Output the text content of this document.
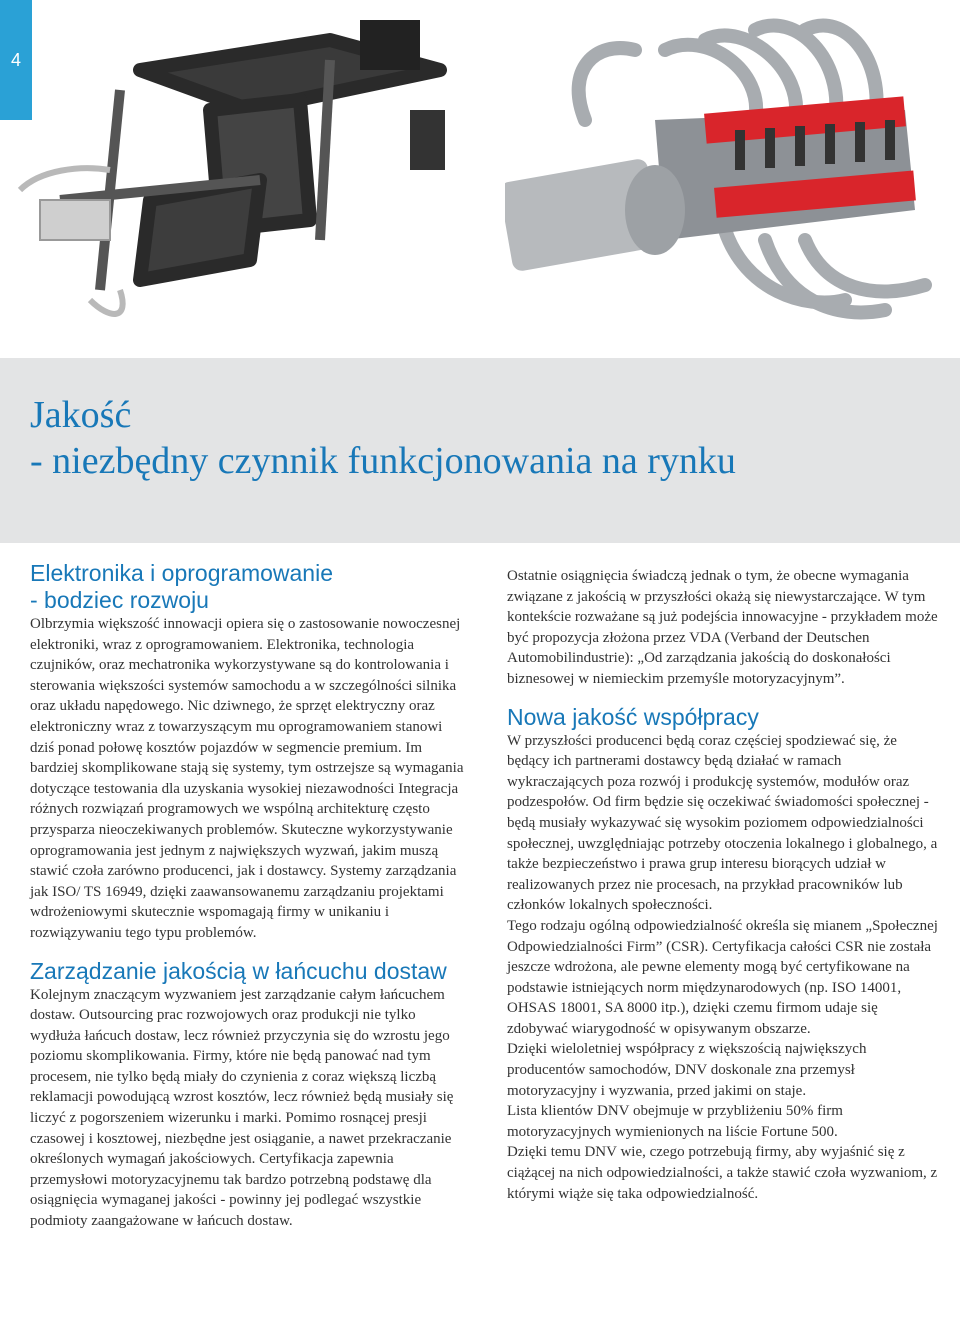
4
Jakość
- niezbędny czynnik funkcjonowania na rynku
Elektronika i oprogramowanie
- bodziec rozwoju

Olbrzymia większość innowacji opiera się o zastosowanie nowoczesnej elektroniki, wraz z oprogramowaniem. Elektronika, technologia czujników, oraz mechatronika wykorzystywane są do kontrolowania i sterowania większości systemów samochodu a w szczególności silnika oraz układu napędowego. Nic dziwnego, że sprzęt elektryczny oraz elektroniczny wraz z towarzyszącym mu oprogramowaniem stanowi dziś ponad połowę kosztów pojazdów w segmencie premium. Im bardziej skomplikowane stają się systemy, tym ostrzejsze są wymagania dotyczące testowania dla uzyskania wysokiej niezawodności Integracja różnych rozwiązań programowych we wspólną architekturę często przysparza nieoczekiwanych problemów. Skuteczne wykorzystywanie oprogramowania jest jednym z największych wyzwań, jakim muszą stawić czoła zarówno producenci, jak i dostawcy. Systemy zarządzania jak ISO/ TS 16949, dzięki zaawansowanemu zarządzaniu projektami wdrożeniowymi skutecznie wspomagają firmy w unikaniu i rozwiązywaniu tego typu problemów.

Zarządzanie jakością w łańcuchu dostaw

Kolejnym znaczącym wyzwaniem jest zarządzanie całym łańcuchem dostaw. Outsourcing prac rozwojowych oraz produkcji nie tylko wydłuża łańcuch dostaw, lecz również przyczynia się do wzrostu jego poziomu skomplikowania. Firmy, które nie będą panować nad tym procesem, nie tylko będą miały do czynienia z coraz większą liczbą reklamacji powodującą wzrost kosztów, lecz również będą musiały się liczyć z pogorszeniem wizerunku i marki. Pomimo rosnącej presji czasowej i kosztowej, niezbędne jest osiąganie, a nawet przekraczanie określonych wymagań jakościowych. Certyfikacja zapewnia przemysłowi motoryzacyjnemu tak bardzo potrzebną podstawę dla osiągnięcia wymaganej jakości - powinny jej podlegać wszystkie podmioty zaangażowane w łańcuch dostaw.

Ostatnie osiągnięcia świadczą jednak o tym, że obecne wymagania związane z jakością w przyszłości okażą się niewystarczające. W tym kontekście rozważane są już podejścia innowacyjne - przykładem może być propozycja złożona przez VDA (Verband der Deutschen Automobilindustrie): „Od zarządzania jakością do doskonałości biznesowej w niemieckim przemyśle motoryzacyjnym”.

Nowa jakość współpracy

W przyszłości producenci będą coraz częściej spodziewać się, że będący ich partnerami dostawcy będą działać w ramach wykraczających poza rozwój i produkcję systemów, modułów oraz podzespołów. Od firm będzie się oczekiwać świadomości społecznej - będą musiały wykazywać się wysokim poziomem odpowiedzialności społecznej, uwzględniając potrzeby otoczenia lokalnego i globalnego, a także bezpieczeństwo i prawa grup interesu biorących udział w realizowanych przez nie procesach, na przykład pracowników lub członków lokalnych społeczności.

Tego rodzaju ogólną odpowiedzialność określa się mianem „Społecznej Odpowiedzialności Firm” (CSR). Certyfikacja całości CSR nie została jeszcze wdrożona, ale pewne elementy mogą być certyfikowane na podstawie istniejących norm międzynarodowych (np. ISO 14001, OHSAS 18001, SA 8000 itp.), dzięki czemu firmom udaje się zdobywać wiarygodność w opisywanym obszarze.

Dzięki wieloletniej współpracy z większością największych producentów samochodów, DNV doskonale zna przemysł motoryzacyjny i wyzwania, przed jakimi on staje.

Lista klientów DNV obejmuje w przybliżeniu 50% firm motoryzacyjnych wymienionych na liście Fortune 500.

Dzięki temu DNV wie, czego potrzebują firmy, aby wyjaśnić się z ciążącej na nich odpowiedzialności, a także stawić czoła wyzwaniom, z którymi wiąże się taka odpowiedzialność.
